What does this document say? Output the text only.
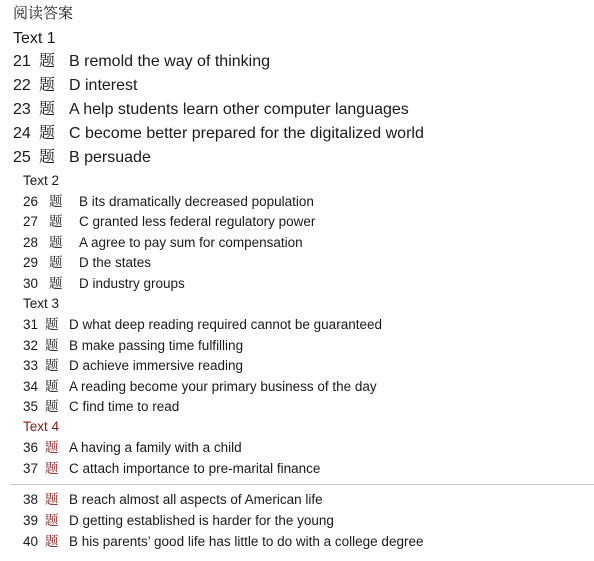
阅读答案
Text 1
21 题 B remold the way of thinking
22 题 D interest
23 题 A help students learn other computer languages
24 题 C become better prepared for the digitalized world
25 题 B persuade
Text 2
26 题	B its dramatically decreased population
27 题	C granted less federal regulatory power
28 题	A agree to pay sum for compensation
29 题	D the states
30 题	D industry groups
Text 3
31 题 D what deep reading required cannot be guaranteed
32 题 B make passing time fulfilling
33 题 D achieve immersive reading
34 题 A reading become your primary business of the day
35 题 C find time to read
Text 4
36 题 A having a family with a child
37 题 C attach importance to pre-marital finance
38 题 B reach almost all aspects of American life
39 题 D getting established is harder for the young
40 题 B his parents’ good life has little to do with a college degree
